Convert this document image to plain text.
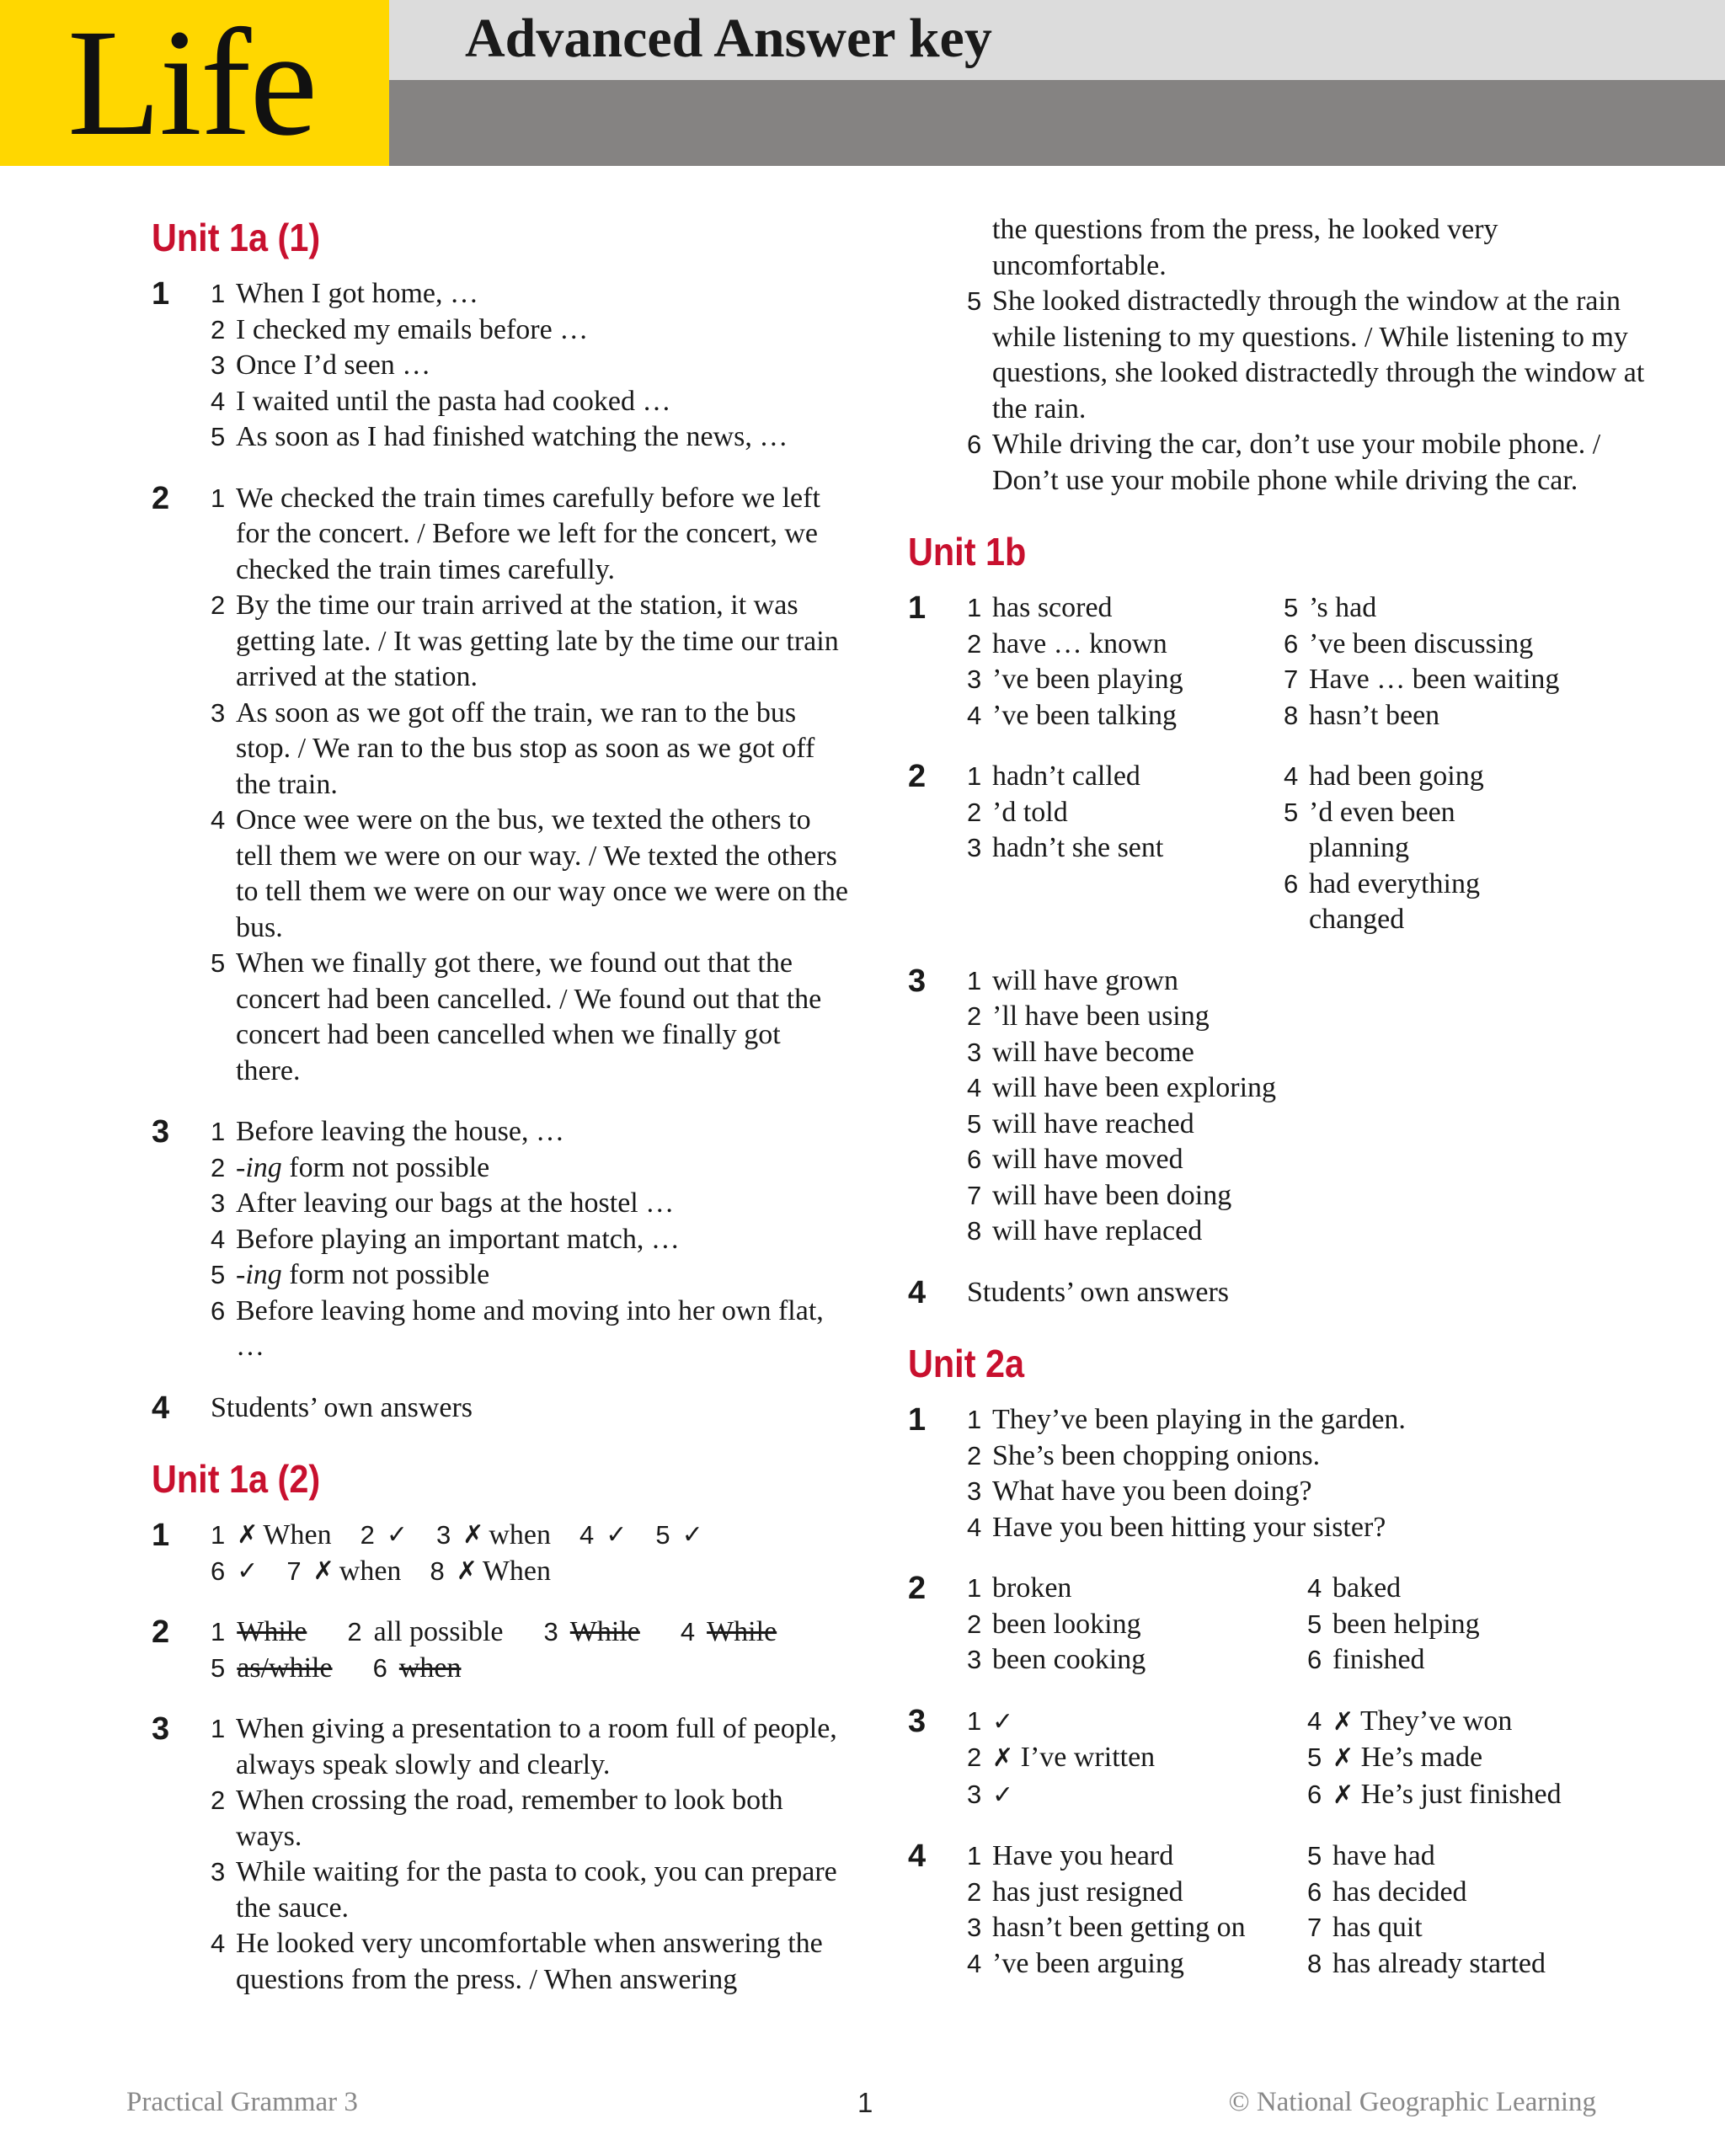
Life	Advanced Answer key
Unit 1a (1)
1 1 When I got home, …
2 I checked my emails before …
3 Once I’d seen …
4 I waited until the pasta had cooked …
5 As soon as I had finished watching the news, …
2 1 We checked the train times carefully before we left for the concert. / Before we left for the concert, we checked the train times carefully.
2 By the time our train arrived at the station, it was getting late. / It was getting late by the time our train arrived at the station.
3 As soon as we got off the train, we ran to the bus stop. / We ran to the bus stop as soon as we got off the train.
4 Once wee were on the bus, we texted the others to tell them we were on our way. / We texted the others to tell them we were on our way once we were on the bus.
5 When we finally got there, we found out that the concert had been cancelled. / We found out that the concert had been cancelled when we finally got there.
3 1 Before leaving the house, …
2 -ing form not possible
3 After leaving our bags at the hostel …
4 Before playing an important match, …
5 -ing form not possible
6 Before leaving home and moving into her own flat, …
4 Students’ own answers
Unit 1a (2)
1 1 ✗ When 2 ✓ 3 ✗ when 4 ✓ 5 ✓
6 ✓ 7 ✗ when 8 ✗ When
2 1 While 2 all possible 3 While 4 While
5 as/while 6 when
3 1 When giving a presentation to a room full of people, always speak slowly and clearly.
2 When crossing the road, remember to look both ways.
3 While waiting for the pasta to cook, you can prepare the sauce.
4 He looked very uncomfortable when answering the questions from the press. / When answering
the questions from the press, he looked very uncomfortable.
5 She looked distractedly through the window at the rain while listening to my questions. / While listening to my questions, she looked distractedly through the window at the rain.
6 While driving the car, don’t use your mobile phone. / Don’t use your mobile phone while driving the car.
Unit 1b
1 1 has scored
2 have … known
3 ’ve been playing
4 ’ve been talking
5 ’s had
6 ’ve been discussing
7 Have … been waiting
8 hasn’t been
2 1 hadn’t called
2 ’d told
3 hadn’t she sent
4 had been going
5 ’d even been planning
6 had everything changed
3 1 will have grown
2 ’ll have been using
3 will have become
4 will have been exploring
5 will have reached
6 will have moved
7 will have been doing
8 will have replaced
4 Students’ own answers
Unit 2a
1 1 They’ve been playing in the garden.
2 She’s been chopping onions.
3 What have you been doing?
4 Have you been hitting your sister?
2 1 broken
2 been looking
3 been cooking
4 baked
5 been helping
6 finished
3 1 ✓
2 ✗ I’ve written
3 ✓
4 ✗ They’ve won
5 ✗ He’s made
6 ✗ He’s just finished
4 1 Have you heard
2 has just resigned
3 hasn’t been getting on
4 ’ve been arguing
5 have had
6 has decided
7 has quit
8 has already started
Practical Grammar 3	1	© National Geographic Learning
